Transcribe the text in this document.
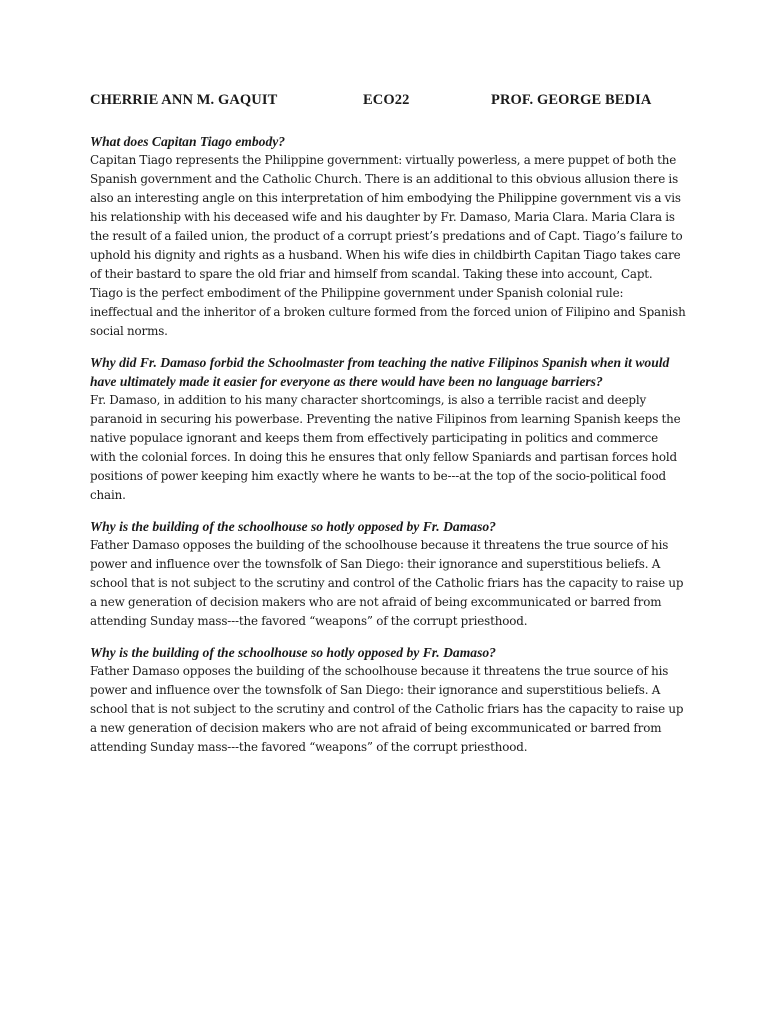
CHERRIE ANN M. GAQUIT	ECO22	PROF. GEORGE BEDIA

What does Capitan Tiago embody?

Capitan Tiago represents the Philippine government: virtually powerless, a mere puppet of both the Spanish government and the Catholic Church. There is an additional to this obvious allusion there is also an interesting angle on this interpretation of him embodying the Philippine government vis a vis his relationship with his deceased wife and his daughter by Fr. Damaso, Maria Clara. Maria Clara is the result of a failed union, the product of a corrupt priest’s predations and of Capt. Tiago’s failure to uphold his dignity and rights as a husband. When his wife dies in childbirth Capitan Tiago takes care of their bastard to spare the old friar and himself from scandal. Taking these into account, Capt. Tiago is the perfect embodiment of the Philippine government under Spanish colonial rule: ineffectual and the inheritor of a broken culture formed from the forced union of Filipino and Spanish social norms.

Why did Fr. Damaso forbid the Schoolmaster from teaching the native Filipinos Spanish when it would have ultimately made it easier for everyone as there would have been no language barriers?

Fr. Damaso, in addition to his many character shortcomings, is also a terrible racist and deeply paranoid in securing his powerbase. Preventing the native Filipinos from learning Spanish keeps the native populace ignorant and keeps them from effectively participating in politics and commerce with the colonial forces. In doing this he ensures that only fellow Spaniards and partisan forces hold positions of power keeping him exactly where he wants to be---at the top of the socio-political food chain.

Why is the building of the schoolhouse so hotly opposed by Fr. Damaso?

Father Damaso opposes the building of the schoolhouse because it threatens the true source of his power and influence over the townsfolk of San Diego: their ignorance and superstitious beliefs. A school that is not subject to the scrutiny and control of the Catholic friars has the capacity to raise up a new generation of decision makers who are not afraid of being excommunicated or barred from attending Sunday mass---the favored “weapons” of the corrupt priesthood.

Why is the building of the schoolhouse so hotly opposed by Fr. Damaso?

Father Damaso opposes the building of the schoolhouse because it threatens the true source of his power and influence over the townsfolk of San Diego: their ignorance and superstitious beliefs. A school that is not subject to the scrutiny and control of the Catholic friars has the capacity to raise up a new generation of decision makers who are not afraid of being excommunicated or barred from attending Sunday mass---the favored “weapons” of the corrupt priesthood.
